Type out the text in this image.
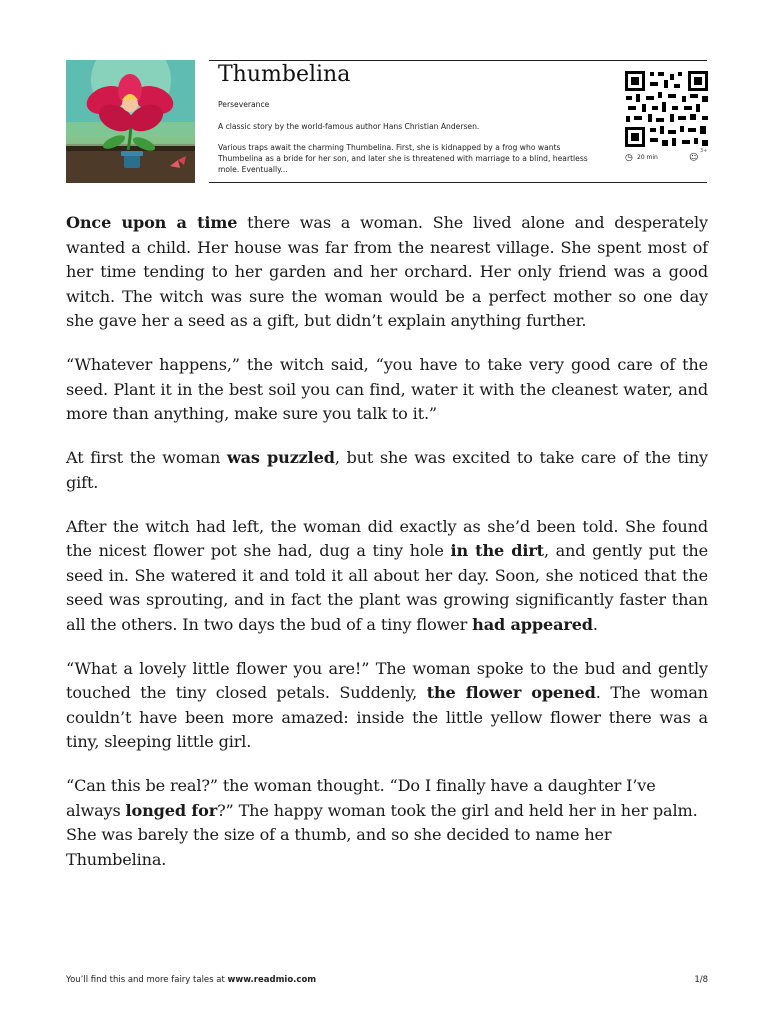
Thumbelina
Perseverance
A classic story by the world-famous author Hans Christian Andersen.
Various traps await the charming Thumbelina. First, she is kidnapped by a frog who wants Thumbelina as a bride for her son, and later she is threatened with marriage to a blind, heartless mole. Eventually...
◷ 20 min
3+
☺

Once upon a time there was a woman. She lived alone and desperately wanted a child. Her house was far from the nearest village. She spent most of her time tending to her garden and her orchard. Her only friend was a good witch. The witch was sure the woman would be a perfect mother so one day she gave her a seed as a gift, but didn’t explain anything further.

“Whatever happens,” the witch said, “you have to take very good care of the seed. Plant it in the best soil you can find, water it with the cleanest water, and more than anything, make sure you talk to it.”

At first the woman was puzzled, but she was excited to take care of the tiny gift.

After the witch had left, the woman did exactly as she’d been told. She found the nicest flower pot she had, dug a tiny hole in the dirt, and gently put the seed in. She watered it and told it all about her day. Soon, she noticed that the seed was sprouting, and in fact the plant was growing significantly faster than all the others. In two days the bud of a tiny flower had appeared.

“What a lovely little flower you are!” The woman spoke to the bud and gently touched the tiny closed petals. Suddenly, the flower opened. The woman couldn’t have been more amazed: inside the little yellow flower there was a tiny, sleeping little girl.

“Can this be real?” the woman thought. “Do I finally have a daughter I’ve always longed for?” The happy woman took the girl and held her in her palm. She was barely the size of a thumb, and so she decided to name her Thumbelina.

You’ll find this and more fairy tales at www.readmio.com	1/8
